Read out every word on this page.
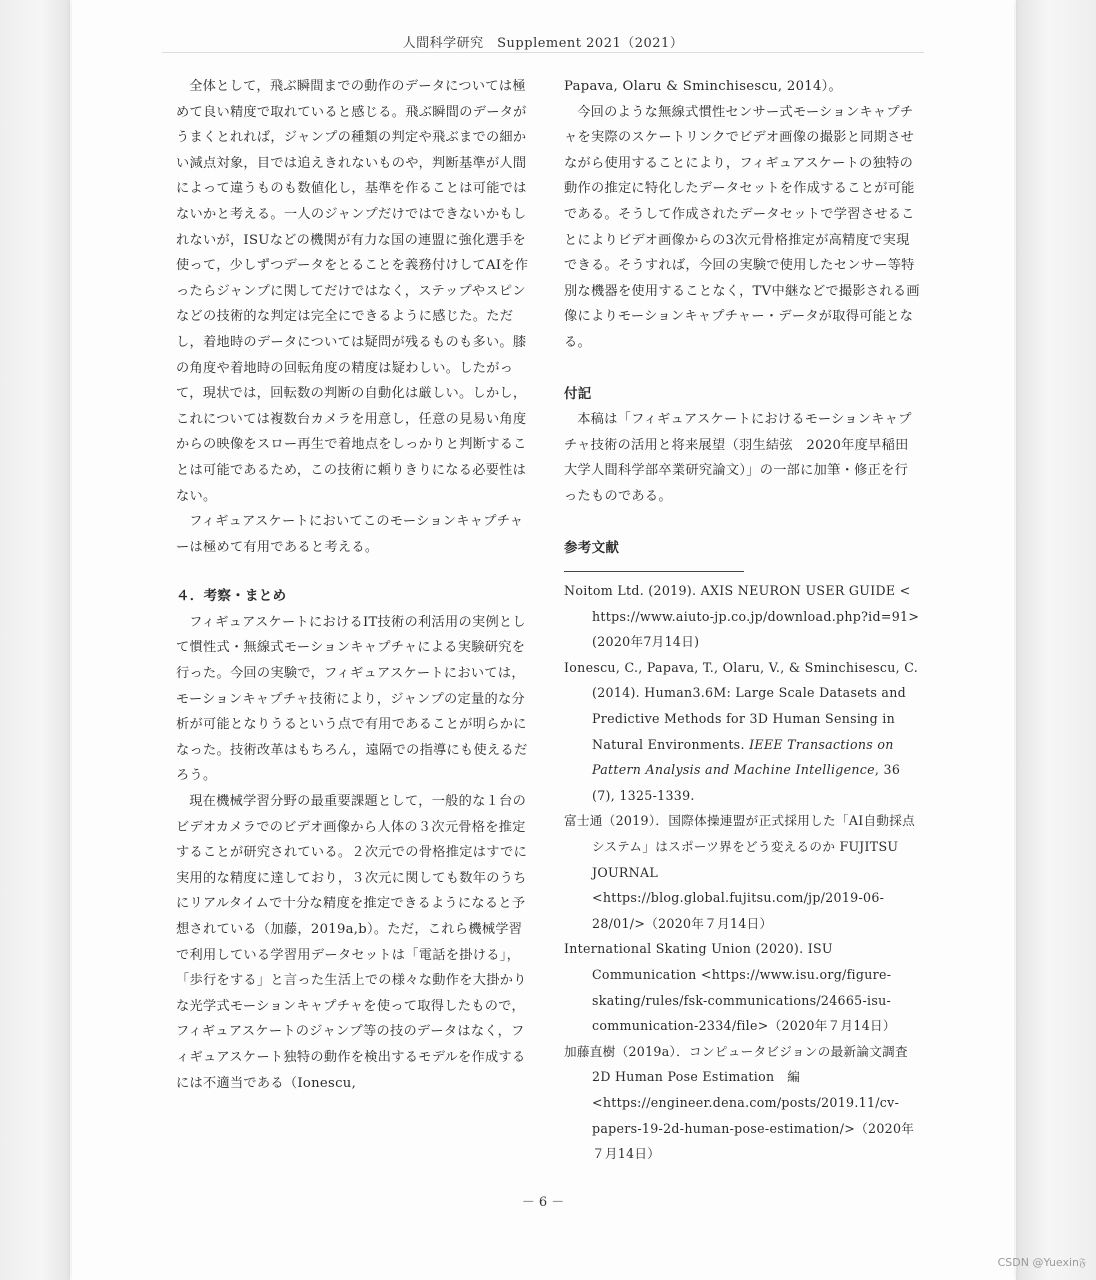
人間科学研究　Supplement 2021（2021）

全体として，飛ぶ瞬間までの動作のデータについては極めて良い精度で取れていると感じる。飛ぶ瞬間のデータがうまくとれれば，ジャンプの種類の判定や飛ぶまでの細かい減点対象，目では追えきれないものや，判断基準が人間によって違うものも数値化し，基準を作ることは可能ではないかと考える。一人のジャンプだけではできないかもしれないが，ISUなどの機関が有力な国の連盟に強化選手を使って，少しずつデータをとることを義務付けしてAIを作ったらジャンプに関してだけではなく，ステップやスピンなどの技術的な判定は完全にできるように感じた。ただし，着地時のデータについては疑問が残るものも多い。膝の角度や着地時の回転角度の精度は疑わしい。したがって，現状では，回転数の判断の自動化は厳しい。しかし，これについては複数台カメラを用意し，任意の見易い角度からの映像をスロー再生で着地点をしっかりと判断することは可能であるため，この技術に頼りきりになる必要性はない。

フィギュアスケートにおいてこのモーションキャプチャーは極めて有用であると考える。

４．考察・まとめ

フィギュアスケートにおけるIT技術の利活用の実例として慣性式・無線式モーションキャプチャによる実験研究を行った。今回の実験で，フィギュアスケートにおいては，モーションキャプチャ技術により，ジャンプの定量的な分析が可能となりうるという点で有用であることが明らかになった。技術改革はもちろん，遠隔での指導にも使えるだろう。

現在機械学習分野の最重要課題として，一般的な１台のビデオカメラでのビデオ画像から人体の３次元骨格を推定することが研究されている。２次元での骨格推定はすでに実用的な精度に達しており，３次元に関しても数年のうちにリアルタイムで十分な精度を推定できるようになると予想されている（加藤，2019a,b）。ただ，これら機械学習で利用している学習用データセットは「電話を掛ける」，「歩行をする」と言った生活上での様々な動作を大掛かりな光学式モーションキャプチャを使って取得したもので，フィギュアスケートのジャンプ等の技のデータはなく，フィギュアスケート独特の動作を検出するモデルを作成するには不適当である（Ionescu,

Papava, Olaru & Sminchisescu, 2014）。

今回のような無線式慣性センサー式モーションキャプチャを実際のスケートリンクでビデオ画像の撮影と同期させながら使用することにより，フィギュアスケートの独特の動作の推定に特化したデータセットを作成することが可能である。そうして作成されたデータセットで学習させることによりビデオ画像からの3次元骨格推定が高精度で実現できる。そうすれば，今回の実験で使用したセンサー等特別な機器を使用することなく，TV中継などで撮影される画像によりモーションキャプチャー・データが取得可能となる。

付記

本稿は「フィギュアスケートにおけるモーションキャプチャ技術の活用と将来展望（羽生結弦　2020年度早稲田大学人間科学部卒業研究論文）」の一部に加筆・修正を行ったものである。

参考文献

Noitom Ltd. (2019). AXIS NEURON USER GUIDE < https://www.aiuto-jp.co.jp/download.php?id=91> (2020年7月14日)

Ionescu, C., Papava, T., Olaru, V., & Sminchisescu, C. (2014). Human3.6M: Large Scale Datasets and Predictive Methods for 3D Human Sensing in Natural Environments. IEEE Transactions on Pattern Analysis and Machine Intelligence, 36 (7), 1325-1339.

富士通（2019）．国際体操連盟が正式採用した「AI自動採点システム」はスポーツ界をどう変えるのか FUJITSU JOURNAL <https://blog.global.fujitsu.com/jp/2019-06-28/01/>（2020年７月14日）

International Skating Union (2020). ISU Communication <https://www.isu.org/figure-skating/rules/fsk-communications/24665-isu-communication-2334/file>（2020年７月14日）

加藤直樹（2019a）．コンピュータビジョンの最新論文調査 2D Human Pose Estimation　編 <https://engineer.dena.com/posts/2019.11/cv-papers-19-2d-human-pose-estimation/>（2020年７月14日）

－ 6 －
CSDN @Yuexin𝔉
